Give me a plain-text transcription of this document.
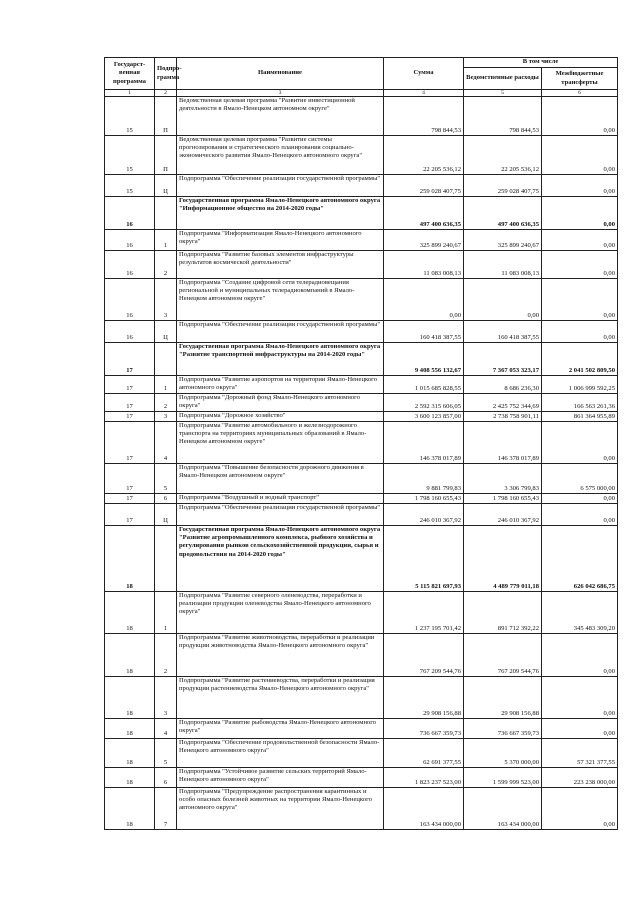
Государст-венная программа	Подпро-грамма	Наименование	Сумма	В том числе	
				Ведомственные расходы	Межбюджетные трансферты
1	2	3	4	5	6
15	П	Ведомственная целевая программа "Развитие инвестиционной деятельности в Ямало-Ненецком автономном округе"	798 844,53	798 844,53	0,00
15	П	Ведомственная целевая программа "Развитие системы прогнозирования и стратегического планирования социально-экономического развития Ямало-Ненецкого автономного округа"	22 205 536,12	22 205 536,12	0,00
15	Ц	Подпрограмма "Обеспечение реализации государственной программы"	259 028 407,75	259 028 407,75	0,00
16		Государственная программа Ямало-Ненецкого автономного округа "Информационное общество на 2014-2020 годы"	497 400 636,35	497 400 636,35	0,00
16	1	Подпрограмма "Информатизация Ямало-Ненецкого автономного округа"	325 899 240,67	325 899 240,67	0,00
16	2	Подпрограмма "Развитие базовых элементов инфраструктуры результатов космической деятельности"	11 083 008,13	11 083 008,13	0,00
16	3	Подпрограмма "Создание цифровой сети телерадиовещания региональной и муниципальных телерадиокомпаний в Ямало-Ненецком автономном округе"	0,00	0,00	0,00
16	Ц	Подпрограмма "Обеспечение реализации государственной программы"	160 418 387,55	160 418 387,55	0,00
17		Государственная программа Ямало-Ненецкого автономного округа "Развитие транспортной инфраструктуры на 2014-2020 годы"	9 408 556 132,67	7 367 053 323,17	2 041 502 809,50
17	1	Подпрограмма "Развитие аэропортов на территории Ямало-Ненецкого автономного округа"	1 015 685 828,55	8 686 236,30	1 006 999 592,25
17	2	Подпрограмма "Дорожный фонд Ямало-Ненецкого автономного округа"	2 592 315 606,05	2 425 752 344,69	166 563 261,36
17	3	Подпрограмма "Дорожное хозяйство"	3 600 123 857,00	2 738 758 901,11	861 364 955,89
17	4	Подпрограмма "Развитие автомобильного и железнодорожного транспорта на территориях муниципальных образований в Ямало-Ненецком автономном округе"	146 378 017,89	146 378 017,89	0,00
17	5	Подпрограмма "Повышение безопасности дорожного движения в Ямало-Ненецком автономном округе"	9 881 799,83	3 306 799,83	6 575 000,00
17	6	Подпрограмма "Воздушный и водный транспорт"	1 798 160 655,43	1 798 160 655,43	0,00
17	Ц	Подпрограмма "Обеспечение реализации государственной программы"	246 010 367,92	246 010 367,92	0,00
18		Государственная программа Ямало-Ненецкого автономного округа "Развитие агропромышленного комплекса, рыбного хозяйства и регулирования рынков сельскохозяйственной продукции, сырья и продовольствия на 2014-2020 годы"	5 115 821 697,93	4 489 779 011,18	626 042 686,75
18	1	Подпрограмма "Развитие северного оленеводства, переработки и реализации продукции оленеводства Ямало-Ненецкого автономного округа"	1 237 195 701,42	891 712 392,22	345 483 309,20
18	2	Подпрограмма "Развитие животноводства, переработки и реализации продукции животноводства Ямало-Ненецкого автономного округа"	767 209 544,76	767 209 544,76	0,00
18	3	Подпрограмма "Развитие растениеводства, переработки и реализация продукции растениеводства Ямало-Ненецкого автономного округа"	29 908 156,88	29 908 156,88	0,00
18	4	Подпрограмма "Развитие рыбоводства Ямало-Ненецкого автономного округа"	736 667 359,73	736 667 359,73	0,00
18	5	Подпрограмма "Обеспечение продовольственной безопасности Ямало-Ненецкого автономного округа"	62 691 377,55	5 370 000,00	57 321 377,55
18	6	Подпрограмма "Устойчивое развитие сельских территорий Ямало-Ненецкого автономного округа"	1 823 237 523,00	1 599 999 523,00	223 238 000,00
18	7	Подпрограмма "Предупреждение распространения карантинных и особо опасных болезней животных на территории Ямало-Ненецкого автономного округа"	163 434 000,00	163 434 000,00	0,00
